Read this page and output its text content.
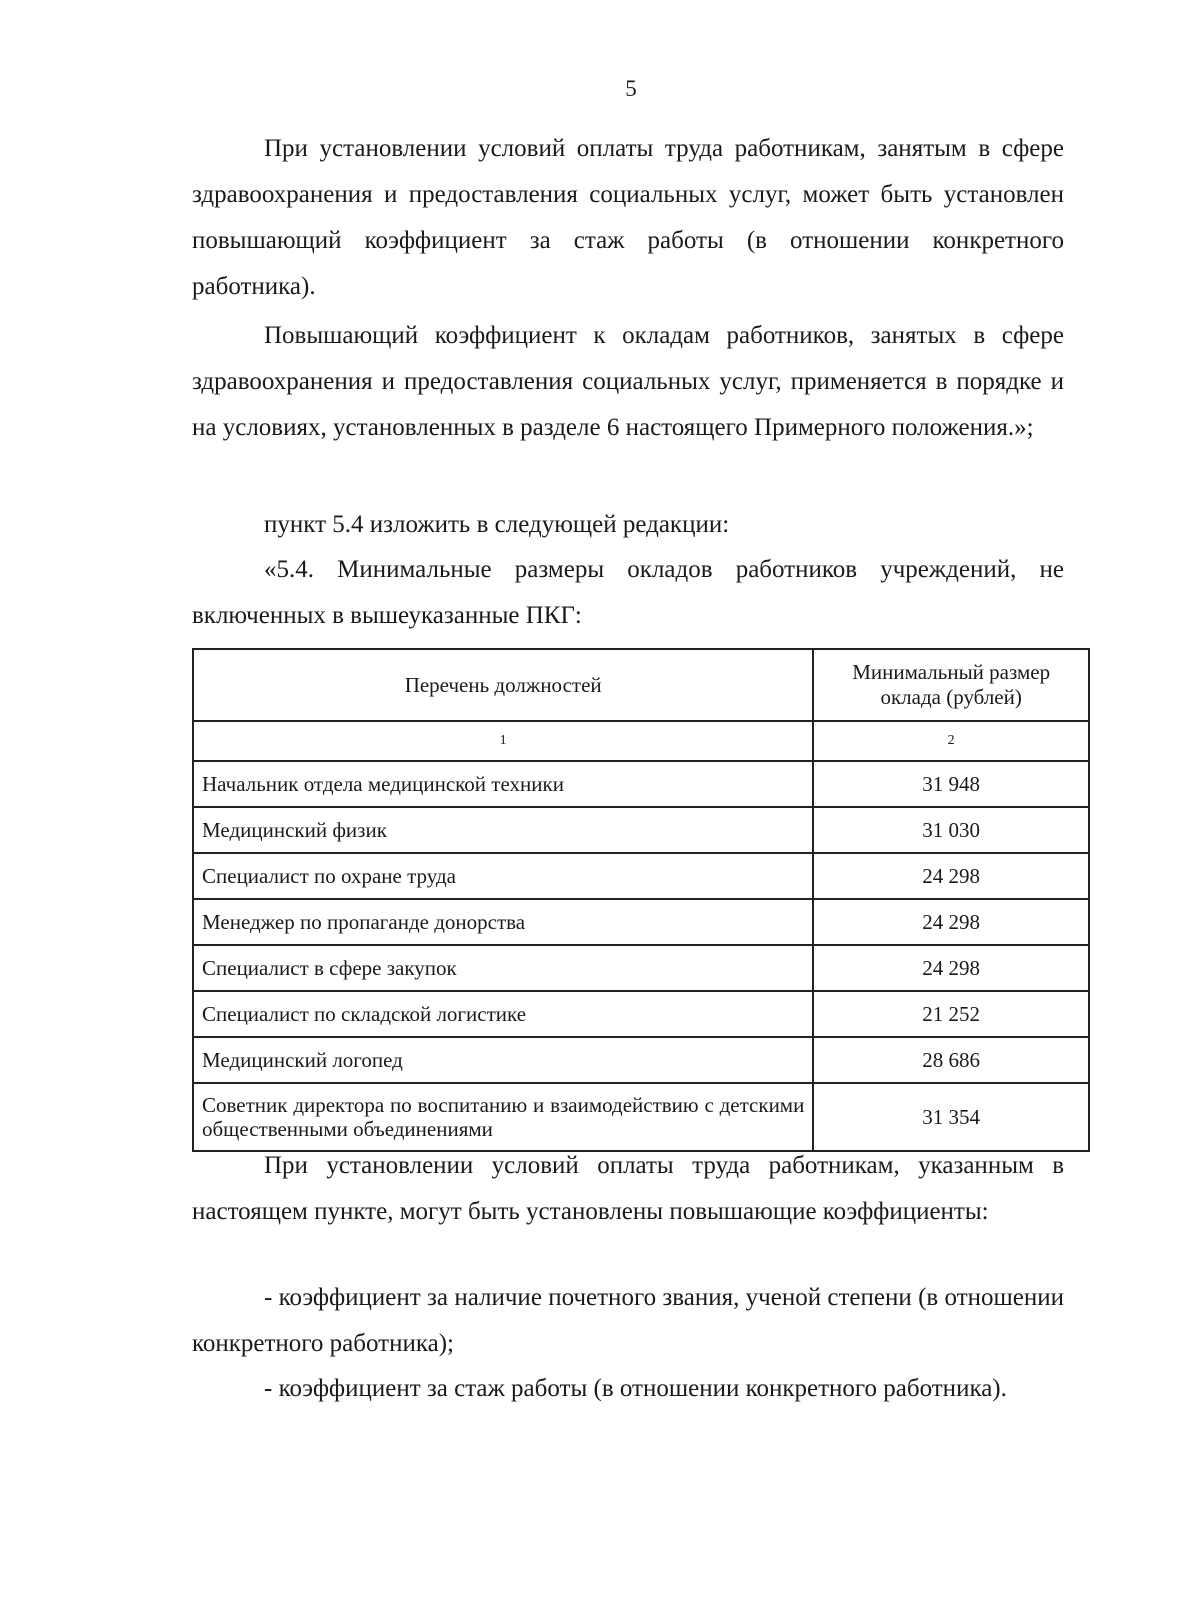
5

При установлении условий оплаты труда работникам, занятым в сфере здравоохранения и предоставления социальных услуг, может быть установлен повышающий коэффициент за стаж работы (в отношении конкретного работника).

Повышающий коэффициент к окладам работников, занятых в сфере здравоохранения и предоставления социальных услуг, применяется в порядке и на условиях, установленных в разделе 6 настоящего Примерного положения.»;

пункт 5.4 изложить в следующей редакции:

«5.4. Минимальные размеры окладов работников учреждений, не включенных в вышеуказанные ПКГ:

Перечень должностей	Минимальный размер оклада (рублей)
1	2
Начальник отдела медицинской техники	31 948
Медицинский физик	31 030
Специалист по охране труда	24 298
Менеджер по пропаганде донорства	24 298
Специалист в сфере закупок	24 298
Специалист по складской логистике	21 252
Медицинский логопед	28 686
Советник директора по воспитанию и взаимодействию с детскими общественными объединениями	31 354

При установлении условий оплаты труда работникам, указанным в настоящем пункте, могут быть установлены повышающие коэффициенты:

- коэффициент за наличие почетного звания, ученой степени (в отношении конкретного работника);

- коэффициент за стаж работы (в отношении конкретного работника).
